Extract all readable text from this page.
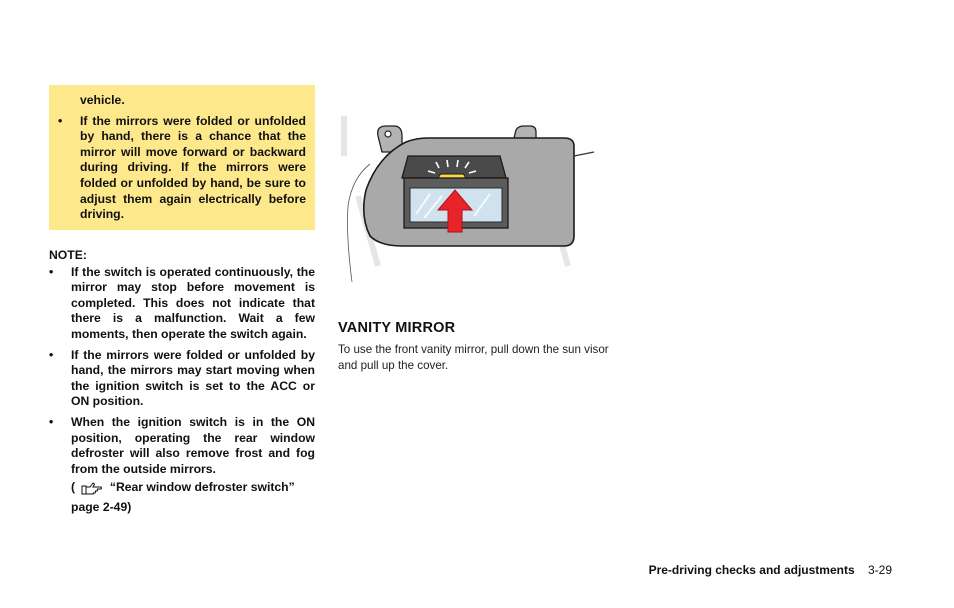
vehicle.
• If the mirrors were folded or unfolded by hand, there is a chance that the mirror will move forward or backward during driving. If the mirrors were folded or unfolded by hand, be sure to adjust them again electrically before driving.
NOTE:
• If the switch is operated continuously, the mirror may stop before movement is completed. This does not indicate that there is a malfunction. Wait a few moments, then operate the switch again.
• If the mirrors were folded or unfolded by hand, the mirrors may start moving when the ignition switch is set to the ACC or ON position.
• When the ignition switch is in the ON position, operating the rear window defroster will also remove frost and fog from the outside mirrors.
(	“Rear window defroster switch”
page 2-49)
VANITY MIRROR
To use the front vanity mirror, pull down the sun visor and pull up the cover.
Pre-driving checks and adjustments 3-29
